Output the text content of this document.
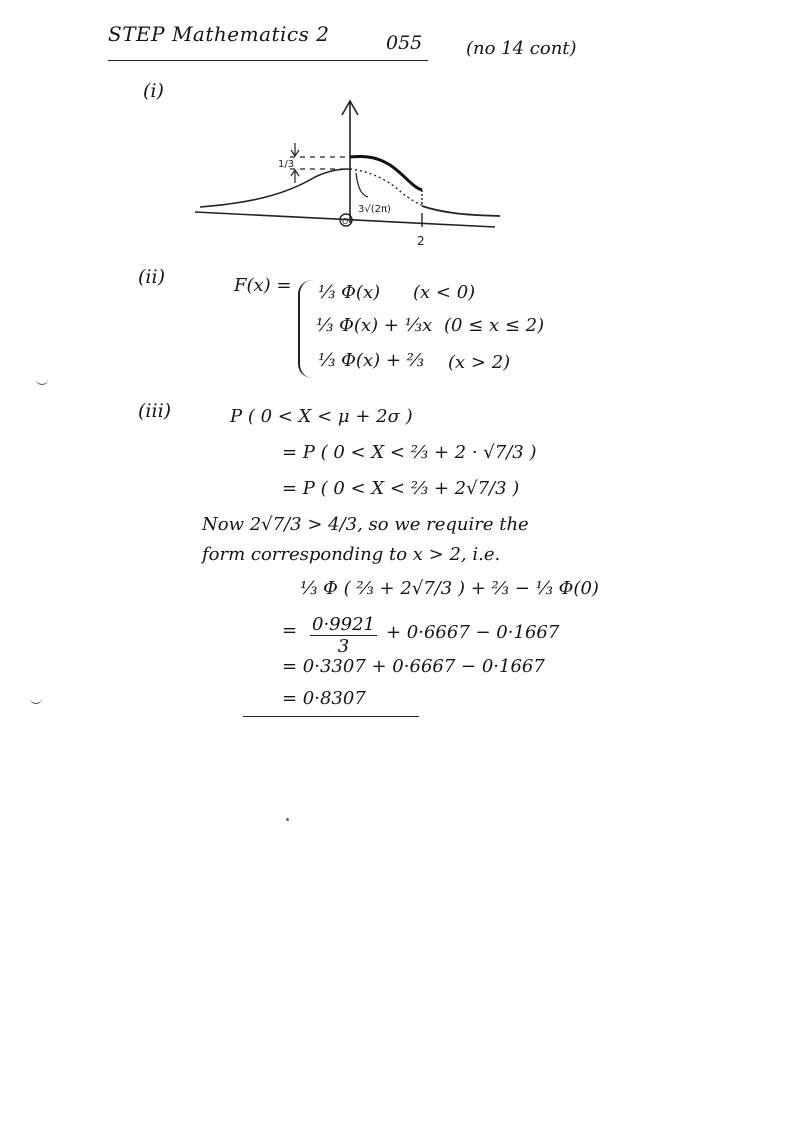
STEP Mathematics 2	055 (no 14 cont)
(i)
1/3
3√(2π)
O
2
(ii)	F(x) = ⅓ Φ(x) (x < 0)
⅓ Φ(x) + ⅓x (0 ≤ x ≤ 2)
⅓ Φ(x) + ⅔ (x > 2)
(iii)	P ( 0 < X < μ + 2σ )
= P ( 0 < X < ⅔ + 2 · √7/3 )
= P ( 0 < X < ⅔ + 2√7/3 )
Now 2√7/3 > 4/3, so we require the
form corresponding to x > 2, i.e.
⅓ Φ ( ⅔ + 2√7/3 ) + ⅔ − ⅓ Φ(0)
= $\frac{0\cdot 9921}{3} + 0\cdot 6667 - 0\cdot 1667$
= 0·3307 + 0·6667 − 0·1667
= 0·8307
